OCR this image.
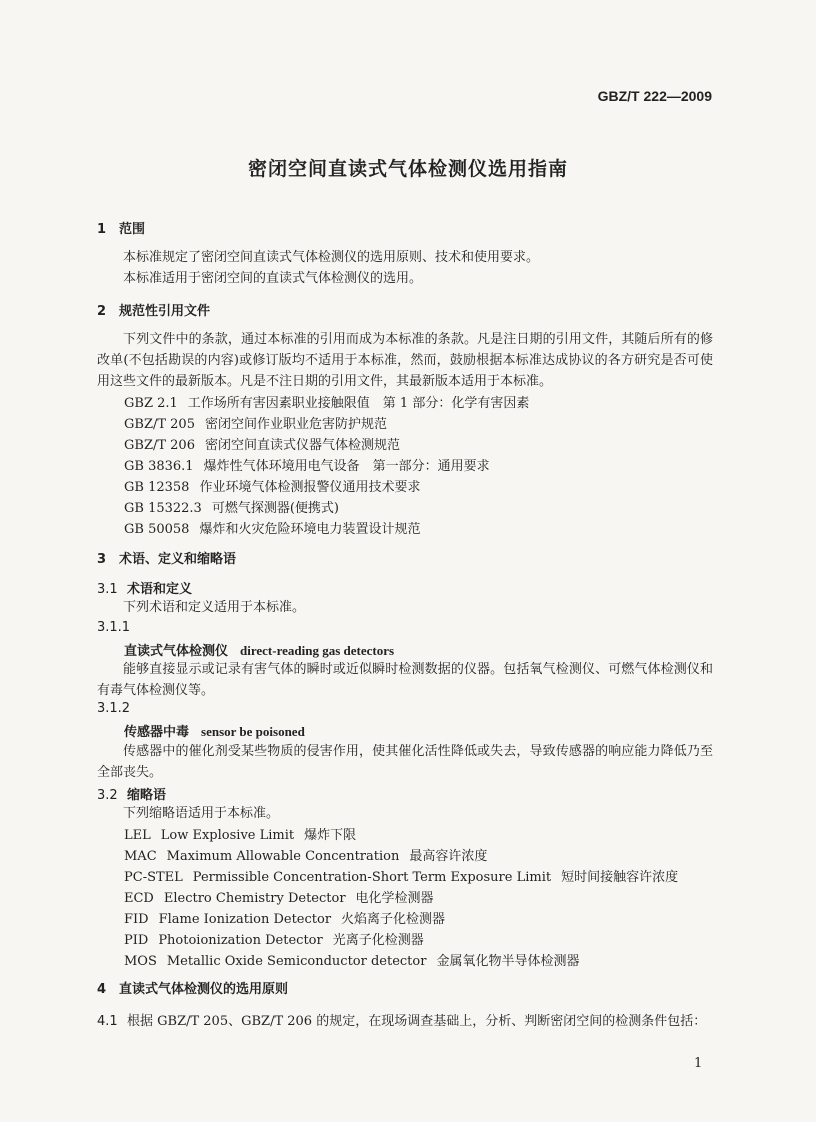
GBZ/T 222—2009
密闭空间直读式气体检测仪选用指南
1 范围
本标准规定了密闭空间直读式气体检测仪的选用原则、技术和使用要求。
本标准适用于密闭空间的直读式气体检测仪的选用。
2 规范性引用文件
下列文件中的条款，通过本标准的引用而成为本标准的条款。凡是注日期的引用文件，其随后所有的修改单(不包括勘误的内容)或修订版均不适用于本标准，然而，鼓励根据本标准达成协议的各方研究是否可使用这些文件的最新版本。凡是不注日期的引用文件，其最新版本适用于本标准。
GBZ 2.1 工作场所有害因素职业接触限值　第 1 部分：化学有害因素
GBZ/T 205 密闭空间作业职业危害防护规范
GBZ/T 206 密闭空间直读式仪器气体检测规范
GB 3836.1 爆炸性气体环境用电气设备　第一部分：通用要求
GB 12358 作业环境气体检测报警仪通用技术要求
GB 15322.3 可燃气探测器(便携式)
GB 50058 爆炸和火灾危险环境电力装置设计规范
3 术语、定义和缩略语
3.1 术语和定义
下列术语和定义适用于本标准。
3.1.1
直读式气体检测仪 direct-reading gas detectors
能够直接显示或记录有害气体的瞬时或近似瞬时检测数据的仪器。包括氧气检测仪、可燃气体检测仪和有毒气体检测仪等。
3.1.2
传感器中毒 sensor be poisoned
传感器中的催化剂受某些物质的侵害作用，使其催化活性降低或失去，导致传感器的响应能力降低乃至全部丧失。
3.2 缩略语
下列缩略语适用于本标准。
LEL Low Explosive Limit 爆炸下限
MAC Maximum Allowable Concentration 最高容许浓度
PC-STEL Permissible Concentration-Short Term Exposure Limit 短时间接触容许浓度
ECD Electro Chemistry Detector 电化学检测器
FID Flame Ionization Detector 火焰离子化检测器
PID Photoionization Detector 光离子化检测器
MOS Metallic Oxide Semiconductor detector 金属氧化物半导体检测器
4 直读式气体检测仪的选用原则
4.1 根据 GBZ/T 205、GBZ/T 206 的规定，在现场调查基础上，分析、判断密闭空间的检测条件包括：
1
